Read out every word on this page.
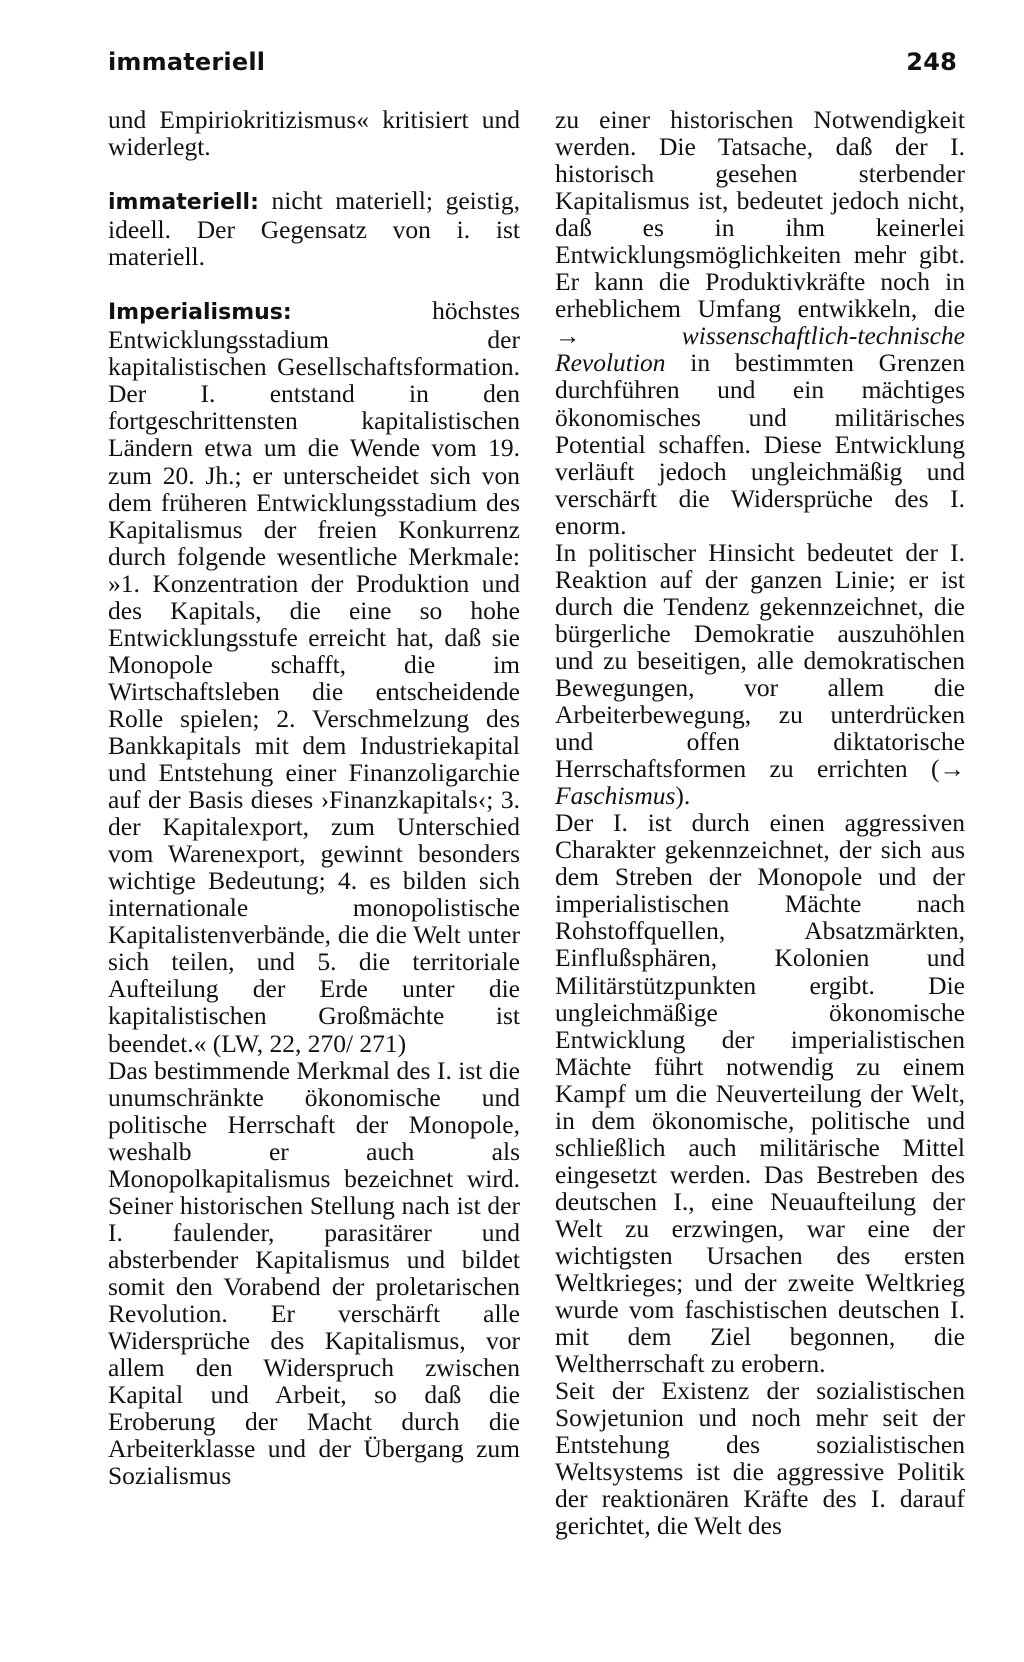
immateriell	248

und Empiriokritizismus« kritisiert und widerlegt.

immateriell: nicht materiell; geistig, ideell. Der Gegensatz von i. ist materiell.

Imperialismus: höchstes Entwicklungsstadium der kapitalistischen Gesellschaftsformation. Der I. entstand in den fortgeschrittensten kapitalistischen Ländern etwa um die Wende vom 19. zum 20. Jh.; er unterscheidet sich von dem früheren Entwicklungsstadium des Kapitalismus der freien Konkurrenz durch folgende wesentliche Merkmale: »1. Konzentration der Produktion und des Kapitals, die eine so hohe Entwicklungsstufe erreicht hat, daß sie Monopole schafft, die im Wirtschaftsleben die entscheidende Rolle spielen; 2. Verschmelzung des Bankkapitals mit dem Industriekapital und Entstehung einer Finanzoligarchie auf der Basis dieses ›Finanzkapitals‹; 3. der Kapitalexport, zum Unterschied vom Warenexport, gewinnt besonders wichtige Bedeutung; 4. es bilden sich internationale monopolistische Kapitalistenverbände, die die Welt unter sich teilen, und 5. die territoriale Aufteilung der Erde unter die kapitalistischen Großmächte ist beendet.« (LW, 22, 270/ 271)

Das bestimmende Merkmal des I. ist die unumschränkte ökonomische und politische Herrschaft der Monopole, weshalb er auch als Monopolkapitalismus bezeichnet wird. Seiner historischen Stellung nach ist der I. faulender, parasitärer und absterbender Kapitalismus und bildet somit den Vorabend der proletarischen Revolution. Er verschärft alle Widersprüche des Kapitalismus, vor allem den Widerspruch zwischen Kapital und Arbeit, so daß die Eroberung der Macht durch die Arbeiterklasse und der Übergang zum Sozialismus

zu einer historischen Notwendigkeit werden. Die Tatsache, daß der I. historisch gesehen sterbender Kapitalismus ist, bedeutet jedoch nicht, daß es in ihm keinerlei Entwicklungsmöglichkeiten mehr gibt. Er kann die Produktivkräfte noch in erheblichem Umfang entwikkeln, die → wissenschaftlich-technische Revolution in bestimmten Grenzen durchführen und ein mächtiges ökonomisches und militärisches Potential schaffen. Diese Entwicklung verläuft jedoch ungleichmäßig und verschärft die Widersprüche des I. enorm.

In politischer Hinsicht bedeutet der I. Reaktion auf der ganzen Linie; er ist durch die Tendenz gekennzeichnet, die bürgerliche Demokratie auszuhöhlen und zu beseitigen, alle demokratischen Bewegungen, vor allem die Arbeiterbewegung, zu unterdrücken und offen diktatorische Herrschaftsformen zu errichten (→ Faschismus).

Der I. ist durch einen aggressiven Charakter gekennzeichnet, der sich aus dem Streben der Monopole und der imperialistischen Mächte nach Rohstoffquellen, Absatzmärkten, Einflußsphären, Kolonien und Militärstützpunkten ergibt. Die ungleichmäßige ökonomische Entwicklung der imperialistischen Mächte führt notwendig zu einem Kampf um die Neuverteilung der Welt, in dem ökonomische, politische und schließlich auch militärische Mittel eingesetzt werden. Das Bestreben des deutschen I., eine Neuaufteilung der Welt zu erzwingen, war eine der wichtigsten Ursachen des ersten Weltkrieges; und der zweite Weltkrieg wurde vom faschistischen deutschen I. mit dem Ziel begonnen, die Weltherrschaft zu erobern.

Seit der Existenz der sozialistischen Sowjetunion und noch mehr seit der Entstehung des sozialistischen Weltsystems ist die aggressive Politik der reaktionären Kräfte des I. darauf gerichtet, die Welt des
